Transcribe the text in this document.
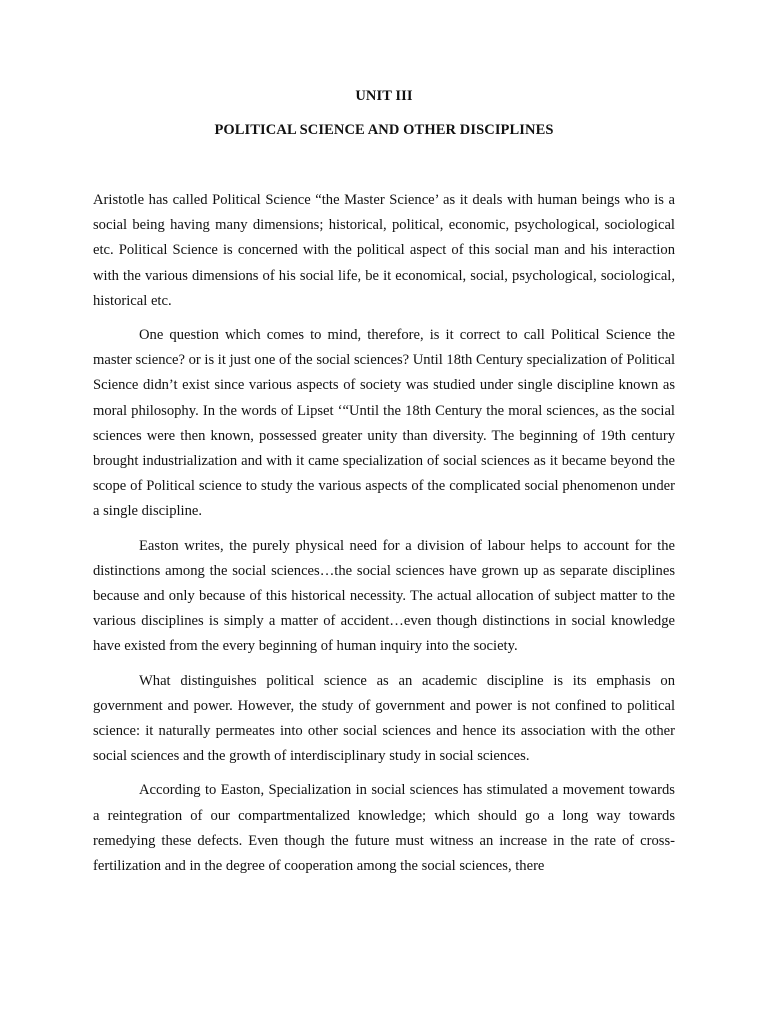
UNIT III
POLITICAL SCIENCE AND OTHER DISCIPLINES

Aristotle has called Political Science “the Master Science’ as it deals with human beings who is a social being having many dimensions; historical, political, economic, psychological, sociological etc. Political Science is concerned with the political aspect of this social man and his interaction with the various dimensions of his social life, be it economical, social, psychological, sociological, historical etc.

One question which comes to mind, therefore, is it correct to call Political Science the master science? or is it just one of the social sciences? Until 18th Century specialization of Political Science didn’t exist since various aspects of society was studied under single discipline known as moral philosophy. In the words of Lipset ‘“Until the 18th Century the moral sciences, as the social sciences were then known, possessed greater unity than diversity. The beginning of 19th century brought industrialization and with it came specialization of social sciences as it became beyond the scope of Political science to study the various aspects of the complicated social phenomenon under a single discipline.

Easton writes, the purely physical need for a division of labour helps to account for the distinctions among the social sciences…the social sciences have grown up as separate disciplines because and only because of this historical necessity. The actual allocation of subject matter to the various disciplines is simply a matter of accident…even though distinctions in social knowledge have existed from the every beginning of human inquiry into the society.

What distinguishes political science as an academic discipline is its emphasis on government and power. However, the study of government and power is not confined to political science: it naturally permeates into other social sciences and hence its association with the other social sciences and the growth of interdisciplinary study in social sciences.

According to Easton, Specialization in social sciences has stimulated a movement towards a reintegration of our compartmentalized knowledge; which should go a long way towards remedying these defects. Even though the future must witness an increase in the rate of cross-fertilization and in the degree of cooperation among the social sciences, there
